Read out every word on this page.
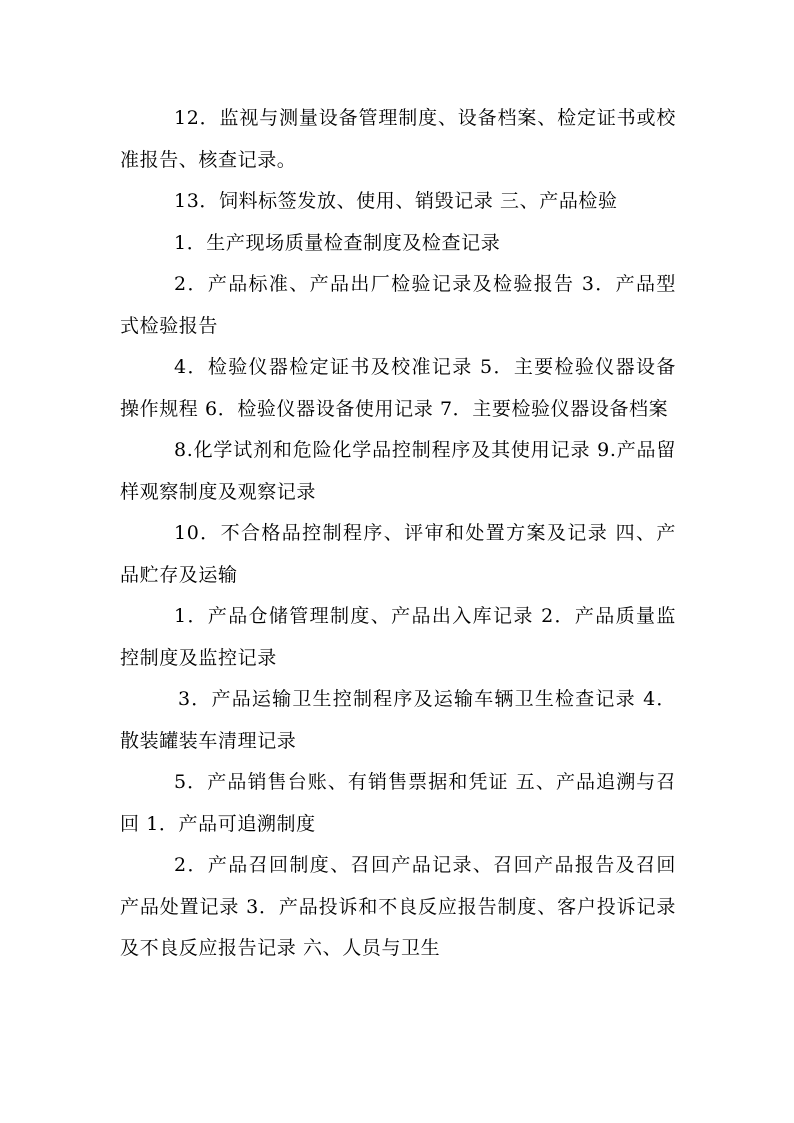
12．监视与测量设备管理制度、设备档案、检定证书或校准报告、核查记录。

13．饲料标签发放、使用、销毁记录 三、产品检验

1．生产现场质量检查制度及检查记录

2．产品标准、产品出厂检验记录及检验报告 3．产品型式检验报告

4．检验仪器检定证书及校准记录 5．主要检验仪器设备操作规程 6．检验仪器设备使用记录 7．主要检验仪器设备档案

8.化学试剂和危险化学品控制程序及其使用记录 9.产品留样观察制度及观察记录

10．不合格品控制程序、评审和处置方案及记录 四、产品贮存及运输

1．产品仓储管理制度、产品出入库记录 2．产品质量监控制度及监控记录

3．产品运输卫生控制程序及运输车辆卫生检查记录 4．散装罐装车清理记录

5．产品销售台账、有销售票据和凭证 五、产品追溯与召回 1．产品可追溯制度

2．产品召回制度、召回产品记录、召回产品报告及召回产品处置记录 3．产品投诉和不良反应报告制度、客户投诉记录及不良反应报告记录 六、人员与卫生
